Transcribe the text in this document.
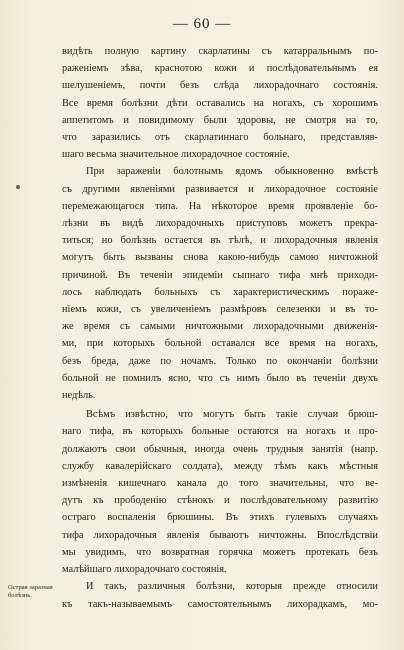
— 60 —
видѣть полную картину скарлатины съ катарральнымъ по-
раженіемъ зѣва, краснотою кожи и послѣдовательнымъ ея
шелушеніемъ, почти безъ слѣда лихорадочнаго состоянія.
Все время болѣзни дѣти оставались на ногахъ, съ хорошимъ
аппетитомъ и повидимому были здоровы, не смотря на то,
что заразились отъ скарлатиннаго больнаго, представляв-
шаго весьма значительное лихорадочное состояніе.
При зараженіи болотнымъ ядомъ обыкновенно вмѣстѣ
съ другими явленіями развивается и лихорадочное состояніе
перемежающагося типа. На нѣкоторое время проявленіе бо-
лѣзни въ видѣ лихорадочныхъ приступовъ можетъ прекра-
титься; но болѣзнь остается въ тѣлѣ, и лихорадочныя явленія
могутъ быть вызваны снова какою-нибудь самою ничтожной
причиной. Въ теченіи эпидеміи сыпнаго тифа мнѣ приходи-
лось наблюдать больныхъ съ характеристическимъ пораже-
ніемъ кожи, съ увеличеніемъ размѣровъ селезенки и въ то-
же время съ самыми ничтожными лихорадочными движенія-
ми, при которыхъ больной оставался все время на ногахъ,
безъ бреда, даже по ночамъ. Только по окончаніи болѣзни
больной не помнилъ ясно, что съ нимъ было въ теченіи двухъ
недѣль.
Всѣмъ извѣстно, что могутъ быть такіе случаи брюш-
наго тифа, въ которыхъ больные остаются на ногахъ и про-
должаютъ свои обычныя, иногда очень трудныя занятія (напр.
службу кавалерійскаго солдата), между тѣмъ какъ мѣстныя
измѣненія кишечнаго канала до того значительны, что ве-
дутъ къ прободенію стѣнокъ и послѣдовательному развитію
остраго воспаленія брюшины. Въ этихъ гулевыхъ случаяхъ
тифа лихорадочныя явленія бываютъ ничтожны. Впослѣдствіи
мы увидимъ, что возвратная горячка можетъ протекать безъ
малѣйшаго лихорадочнаго состоянія.
И такъ, различныя болѣзни, которыя прежде относили
къ такъ-называемымъ самостоятельнымъ лихорадкамъ, мо-
Острая заразная болѣзнь.
